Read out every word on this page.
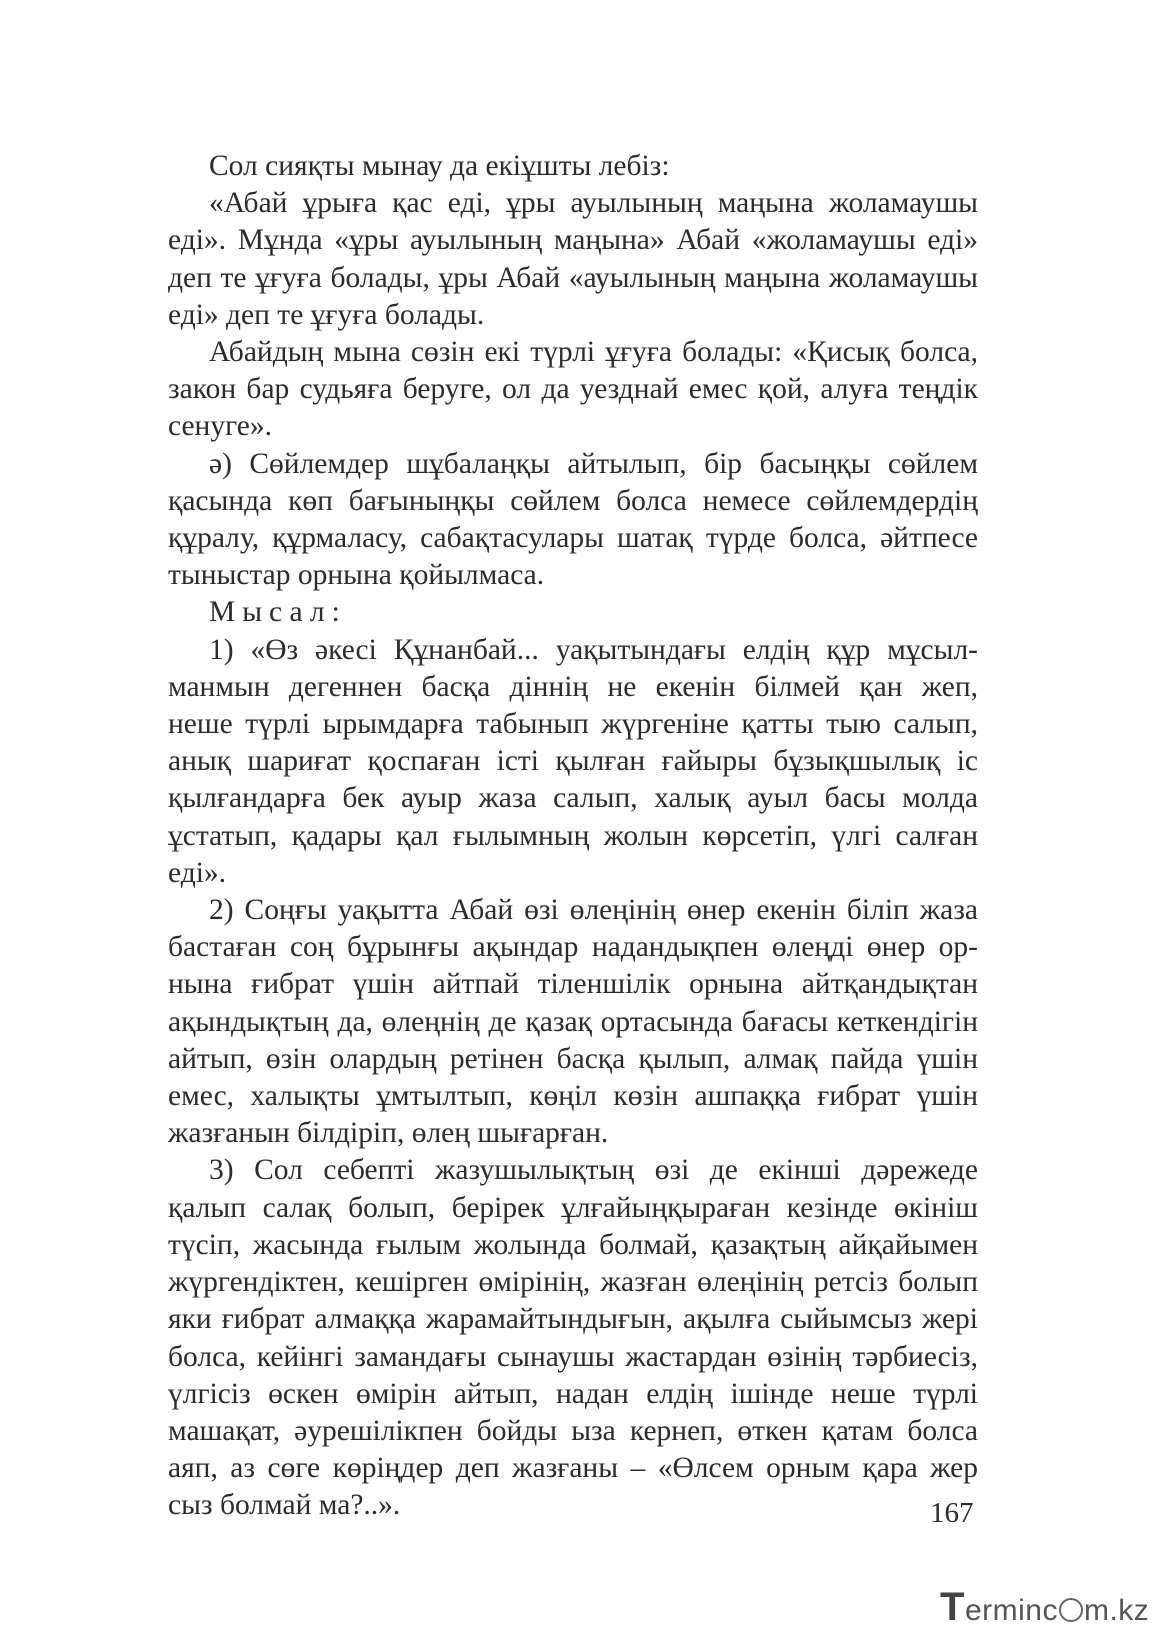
Сол сияқты мынау да екіұшты лебіз:
«Абай ұрыға қас еді, ұры ауылының маңына жоламаушы
еді». Мұнда «ұры ауылының маңына» Абай «жоламаушы еді»
деп те ұғуға болады, ұры Абай «ауылының маңына жоламаушы
еді» деп те ұғуға болады.
Абайдың мына сөзін екі түрлі ұғуға болады: «Қисық болса,
закон бар судьяға беруге, ол да уезднай емес қой, алуға теңдік
сенуге».
ә) Сөйлемдер шұбалаңқы айтылып, бір басыңқы сөйлем
қасында көп бағыныңқы сөйлем болса немесе сөйлемдердің
құралу, құрмаласу, сабақтасулары шатақ түрде болса, әйтпесе
тыныстар орнына қойылмаса.
Мысал:
1) «Өз әкесі Құнанбай... уақытындағы елдің құр мұсыл-
манмын дегеннен басқа діннің не екенін білмей қан жеп,
неше түрлі ырымдарға табынып жүргеніне қатты тыю салып,
анық шариғат қоспаған істі қылған ғайыры бұзықшылық іс
қылғандарға бек ауыр жаза салып, халық ауыл басы молда
ұстатып, қадары қал ғылымның жолын көрсетіп, үлгі салған
еді».
2) Соңғы уақытта Абай өзі өлеңінің өнер екенін біліп жаза
бастаған соң бұрынғы ақындар надандықпен өлеңді өнер ор-
нына ғибрат үшін айтпай тіленшілік орнына айтқандықтан
ақындықтың да, өлеңнің де қазақ ортасында бағасы кеткендігін
айтып, өзін олардың ретінен басқа қылып, алмақ пайда үшін
емес, халықты ұмтылтып, көңіл көзін ашпаққа ғибрат үшін
жазғанын білдіріп, өлең шығарған.
3) Сол себепті жазушылықтың өзі де екінші дәрежеде
қалып салақ болып, берірек ұлғайыңқыраған кезінде өкініш
түсіп, жасында ғылым жолында болмай, қазақтың айқайымен
жүргендіктен, кешірген өмірінің, жазған өлеңінің ретсіз болып
яки ғибрат алмаққа жарамайтындығын, ақылға сыйымсыз жері
болса, кейінгі замандағы сынаушы жастардан өзінің тәрбиесіз,
үлгісіз өскен өмірін айтып, надан елдің ішінде неше түрлі
машақат, әурешілікпен бойды ыза кернеп, өткен қатам болса
аяп, аз сөге көріңдер деп жазғаны – «Өлсем орным қара жер
сыз болмай ма?..».	167
T erminc m.kz
